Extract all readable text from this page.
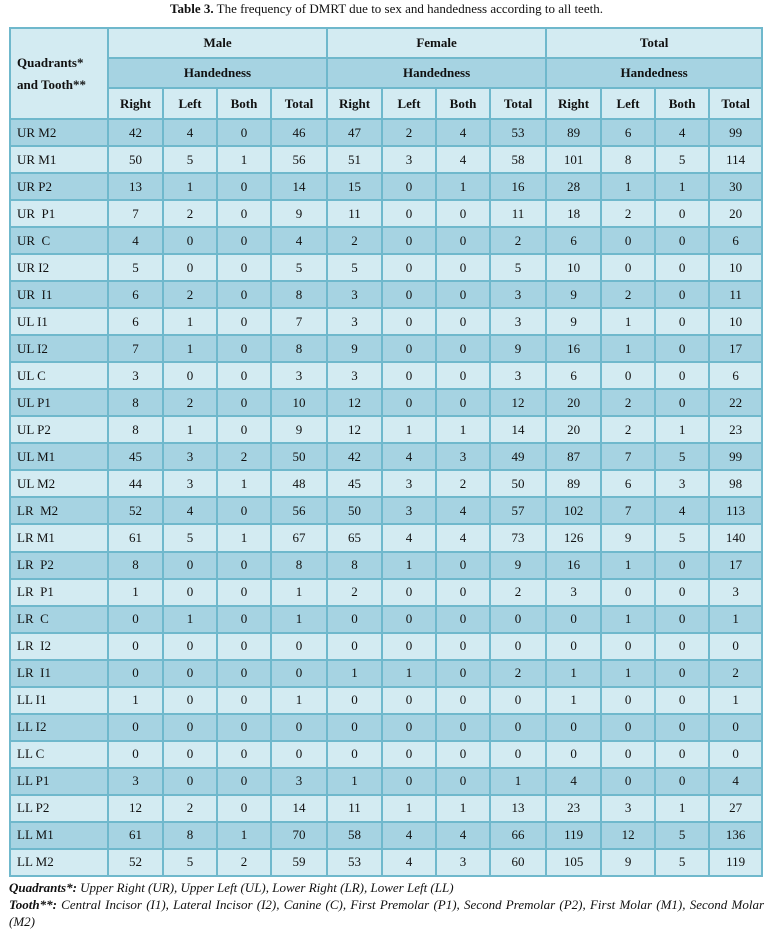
Table 3. The frequency of DMRT due to sex and handedness according to all teeth.
Quadrants*
and Tooth**	Male				Female				Total			
	Handedness				Handedness				Handedness			
	Right	Left	Both	Total	Right	Left	Both	Total	Right	Left	Both	Total
UR M2	42	4	0	46	47	2	4	53	89	6	4	99
UR M1	50	5	1	56	51	3	4	58	101	8	5	114
UR P2	13	1	0	14	15	0	1	16	28	1	1	30
UR  P1	7	2	0	9	11	0	0	11	18	2	0	20
UR  C	4	0	0	4	2	0	0	2	6	0	0	6
UR I2	5	0	0	5	5	0	0	5	10	0	0	10
UR  I1	6	2	0	8	3	0	0	3	9	2	0	11
UL I1	6	1	0	7	3	0	0	3	9	1	0	10
UL I2	7	1	0	8	9	0	0	9	16	1	0	17
UL C	3	0	0	3	3	0	0	3	6	0	0	6
UL P1	8	2	0	10	12	0	0	12	20	2	0	22
UL P2	8	1	0	9	12	1	1	14	20	2	1	23
UL M1	45	3	2	50	42	4	3	49	87	7	5	99
UL M2	44	3	1	48	45	3	2	50	89	6	3	98
LR  M2	52	4	0	56	50	3	4	57	102	7	4	113
LR M1	61	5	1	67	65	4	4	73	126	9	5	140
LR  P2	8	0	0	8	8	1	0	9	16	1	0	17
LR  P1	1	0	0	1	2	0	0	2	3	0	0	3
LR  C	0	1	0	1	0	0	0	0	0	1	0	1
LR  I2	0	0	0	0	0	0	0	0	0	0	0	0
LR  I1	0	0	0	0	1	1	0	2	1	1	0	2
LL I1	1	0	0	1	0	0	0	0	1	0	0	1
LL I2	0	0	0	0	0	0	0	0	0	0	0	0
LL C	0	0	0	0	0	0	0	0	0	0	0	0
LL P1	3	0	0	3	1	0	0	1	4	0	0	4
LL P2	12	2	0	14	11	1	1	13	23	3	1	27
LL M1	61	8	1	70	58	4	4	66	119	12	5	136
LL M2	52	5	2	59	53	4	3	60	105	9	5	119
Quadrants*: Upper Right (UR), Upper Left (UL), Lower Right (LR), Lower Left (LL)
Tooth**: Central Incisor (I1), Lateral Incisor (I2), Canine (C), First Premolar (P1), Second Premolar (P2), First Molar (M1), Second Molar (M2)
